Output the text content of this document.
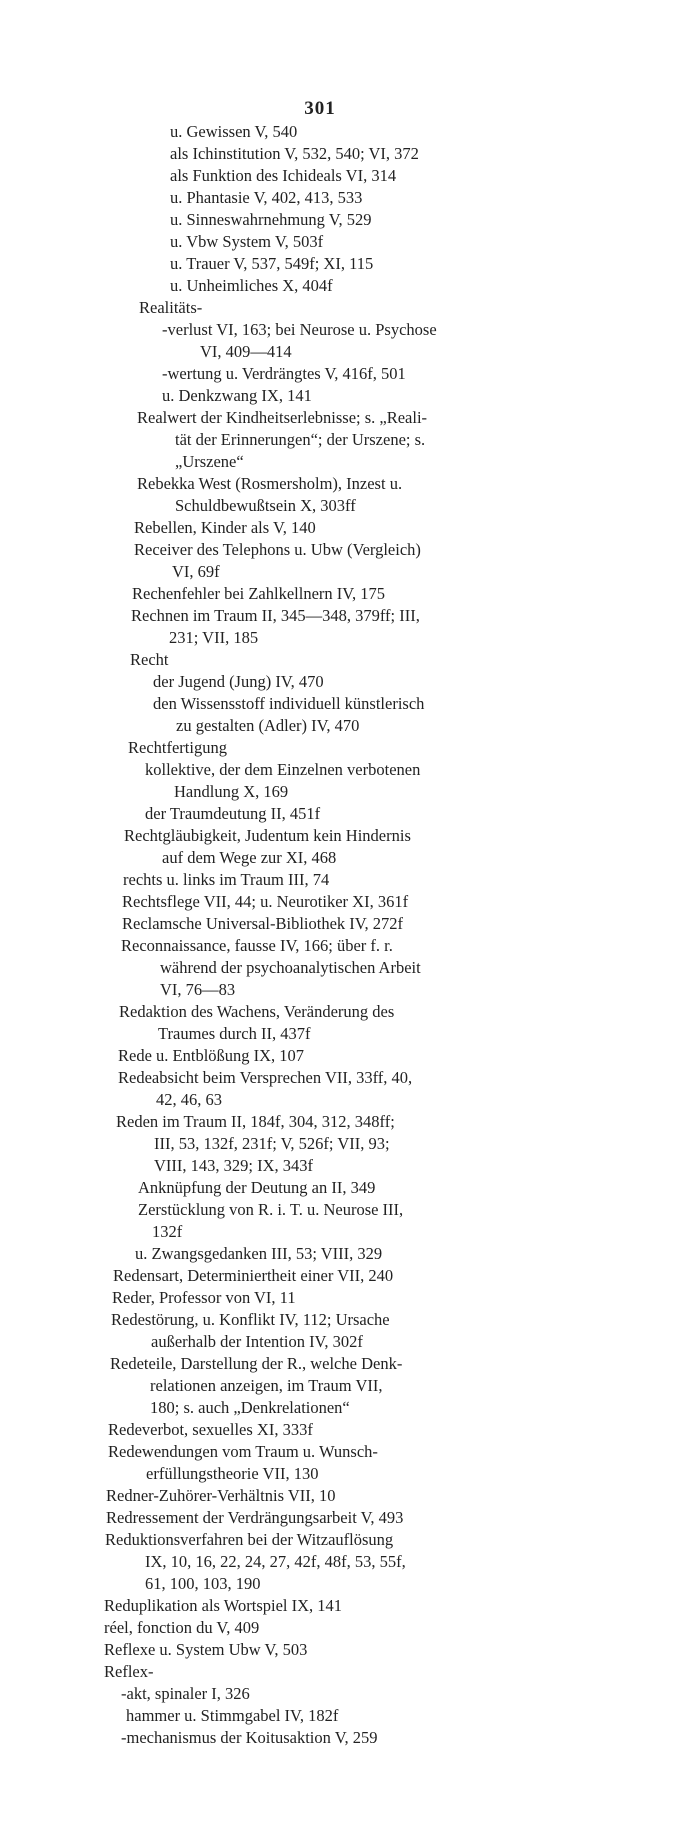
301
u. Gewissen V, 540
als Ichinstitution V, 532, 540; VI, 372
als Funktion des Ichideals VI, 314
u. Phantasie V, 402, 413, 533
u. Sinneswahrnehmung V, 529
u. Vbw System V, 503f
u. Trauer V, 537, 549f; XI, 115
u. Unheimliches X, 404f
Realitäts-
-verlust VI, 163; bei Neurose u. Psychose
VI, 409—414
-wertung u. Verdrängtes V, 416f, 501
u. Denkzwang IX, 141
Realwert der Kindheitserlebnisse; s. „Reali-
tät der Erinnerungen“; der Urszene; s.
„Urszene“
Rebekka West (Rosmersholm), Inzest u.
Schuldbewußtsein X, 303ff
Rebellen, Kinder als V, 140
Receiver des Telephons u. Ubw (Vergleich)
VI, 69f
Rechenfehler bei Zahlkellnern IV, 175
Rechnen im Traum II, 345—348, 379ff; III,
231; VII, 185
Recht
der Jugend (Jung) IV, 470
den Wissensstoff individuell künstlerisch
zu gestalten (Adler) IV, 470
Rechtfertigung
kollektive, der dem Einzelnen verbotenen
Handlung X, 169
der Traumdeutung II, 451f
Rechtgläubigkeit, Judentum kein Hindernis
auf dem Wege zur XI, 468
rechts u. links im Traum III, 74
Rechtsflege VII, 44; u. Neurotiker XI, 361f
Reclamsche Universal-Bibliothek IV, 272f
Reconnaissance, fausse IV, 166; über f. r.
während der psychoanalytischen Arbeit
VI, 76—83
Redaktion des Wachens, Veränderung des
Traumes durch II, 437f
Rede u. Entblößung IX, 107
Redeabsicht beim Versprechen VII, 33ff, 40,
42, 46, 63
Reden im Traum II, 184f, 304, 312, 348ff;
III, 53, 132f, 231f; V, 526f; VII, 93;
VIII, 143, 329; IX, 343f
Anknüpfung der Deutung an II, 349
Zerstücklung von R. i. T. u. Neurose III,
132f
u. Zwangsgedanken III, 53; VIII, 329
Redensart, Determiniertheit einer VII, 240
Reder, Professor von VI, 11
Redestörung, u. Konflikt IV, 112; Ursache
außerhalb der Intention IV, 302f
Redeteile, Darstellung der R., welche Denk-
relationen anzeigen, im Traum VII,
180; s. auch „Denkrelationen“
Redeverbot, sexuelles XI, 333f
Redewendungen vom Traum u. Wunsch-
erfüllungstheorie VII, 130
Redner-Zuhörer-Verhältnis VII, 10
Redressement der Verdrängungsarbeit V, 493
Reduktionsverfahren bei der Witzauflösung
IX, 10, 16, 22, 24, 27, 42f, 48f, 53, 55f,
61, 100, 103, 190
Reduplikation als Wortspiel IX, 141
réel, fonction du V, 409
Reflexe u. System Ubw V, 503
Reflex-
-akt, spinaler I, 326
hammer u. Stimmgabel IV, 182f
-mechanismus der Koitusaktion V, 259
